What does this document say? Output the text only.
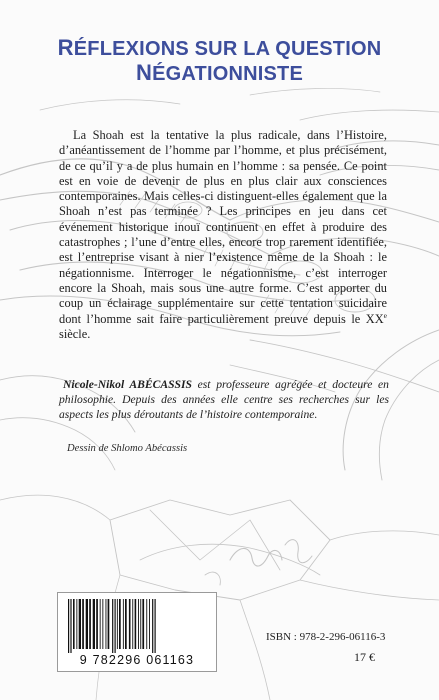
RÉFLEXIONS SUR LA QUESTION
NÉGATIONNISTE

La Shoah est la tentative la plus radicale, dans l’Histoire, d’anéantissement de l’homme par l’homme, et plus précisément, de ce qu’il y a de plus humain en l’homme : sa pensée. Ce point est en voie de devenir de plus en plus clair aux consciences contemporaines. Mais celles-ci distinguent-elles également que la Shoah n’est pas terminée ? Les principes en jeu dans cet événement historique inouï continuent en effet à produire des catastrophes ; l’une d’entre elles, encore trop rarement identifiée, est l’entreprise visant à nier l’existence même de la Shoah : le négationnisme. Interroger le négationnisme, c’est interroger encore la Shoah, mais sous une autre forme. C’est apporter du coup un éclairage supplémentaire sur cette tentation suicidaire dont l’homme sait faire particulièrement preuve depuis le XXe siècle.

Nicole-Nikol ABÉCASSIS est professeure agrégée et docteure en philosophie. Depuis des années elle centre ses recherches sur les aspects les plus déroutants de l’histoire contemporaine.

Dessin de Shlomo Abécassis

9 782296 061163

ISBN : 978-2-296-06116-3

17 €
